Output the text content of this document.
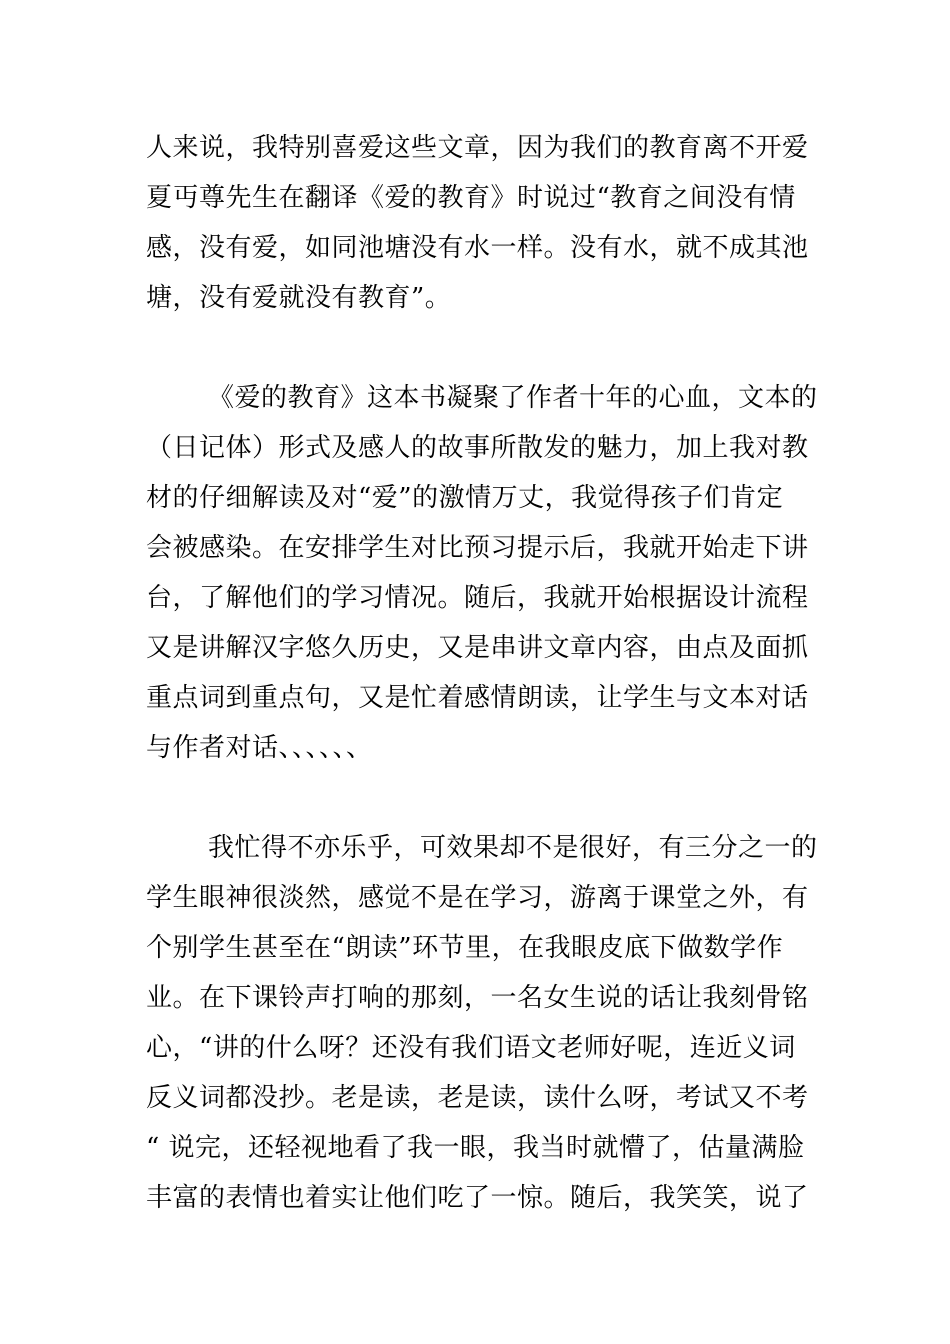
人来说，我特别喜爱这些文章，因为我们的教育离不开爱
夏丏尊先生在翻译《爱的教育》时说过“教育之间没有情
感，没有爱，如同池塘没有水一样。没有水，就不成其池
塘，没有爱就没有教育”。
《爱的教育》这本书凝聚了作者十年的心血，文本的
（日记体）形式及感人的故事所散发的魅力，加上我对教
材的仔细解读及对“爱”的激情万丈，我觉得孩子们肯定
会被感染。在安排学生对比预习提示后，我就开始走下讲
台，了解他们的学习情况。随后，我就开始根据设计流程
又是讲解汉字悠久历史，又是串讲文章内容，由点及面抓
重点词到重点句，又是忙着感情朗读，让学生与文本对话
与作者对话、、、、、、
我忙得不亦乐乎，可效果却不是很好，有三分之一的
学生眼神很淡然，感觉不是在学习，游离于课堂之外，有
个别学生甚至在“朗读”环节里，在我眼皮底下做数学作
业。在下课铃声打响的那刻，一名女生说的话让我刻骨铭
心，“讲的什么呀？还没有我们语文老师好呢，连近义词
反义词都没抄。老是读，老是读，读什么呀，考试又不考
“ 说完，还轻视地看了我一眼，我当时就懵了，估量满脸
丰富的表情也着实让他们吃了一惊。随后，我笑笑，说了
